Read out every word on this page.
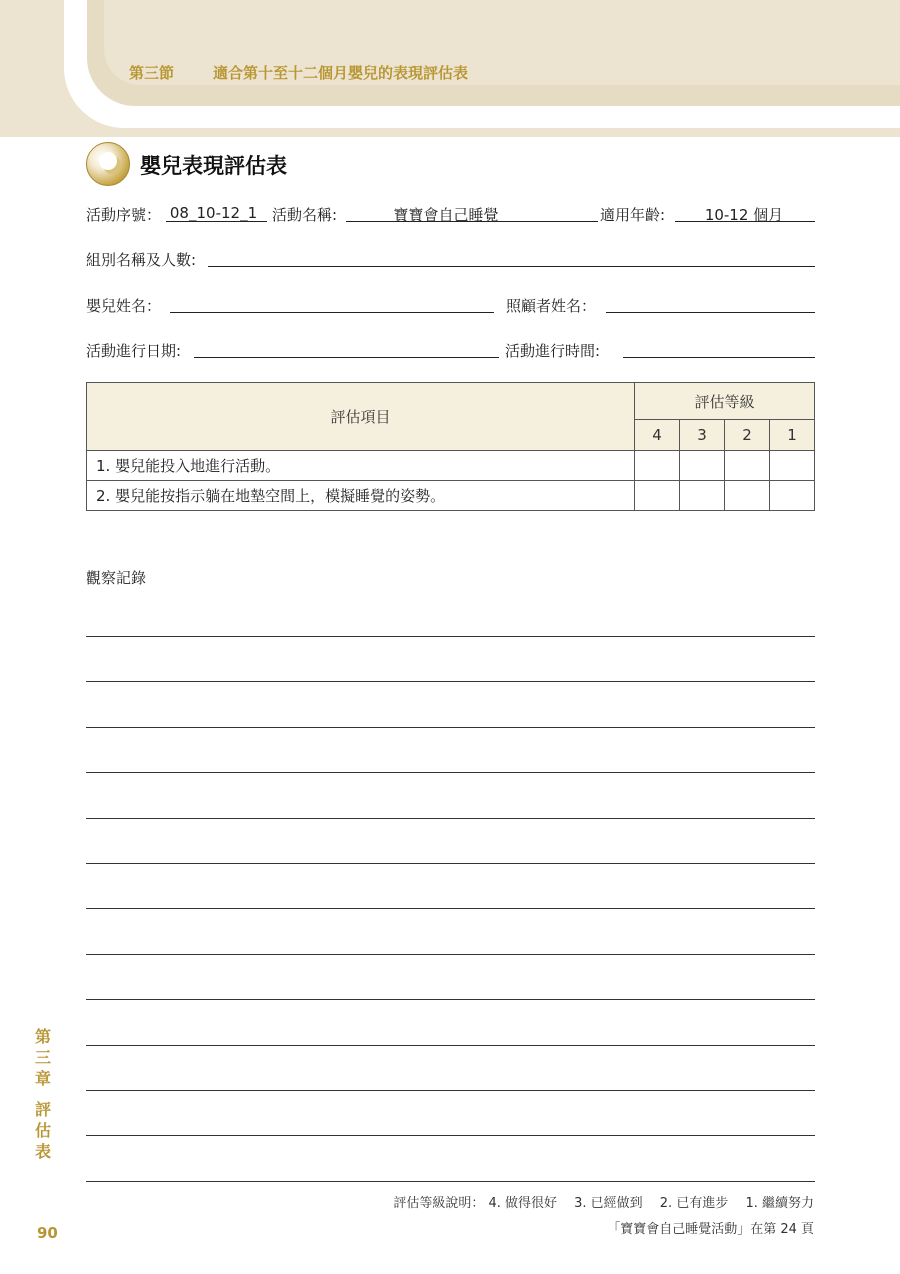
第三節	適合第十至十二個月嬰兒的表現評估表
嬰兒表現評估表
活動序號： 08_10-12_1 活動名稱:	寶寶會自己睡覺	適用年齡:	10-12 個月
組別名稱及人數:
嬰兒姓名：	照顧者姓名：
活動進行日期:	活動進行時間:
評估項目	評估等級			
	4	3	2	1
1. 嬰兒能投入地進行活動。				
2. 嬰兒能按指示躺在地墊空間上，模擬睡覺的姿勢。				
觀察記錄
第
三
章
評
估
表
90
評估等級說明： 4. 做得很好　 3. 已經做到　 2. 已有進步　 1. 繼續努力
「寶寶會自己睡覺活動」在第 24 頁
